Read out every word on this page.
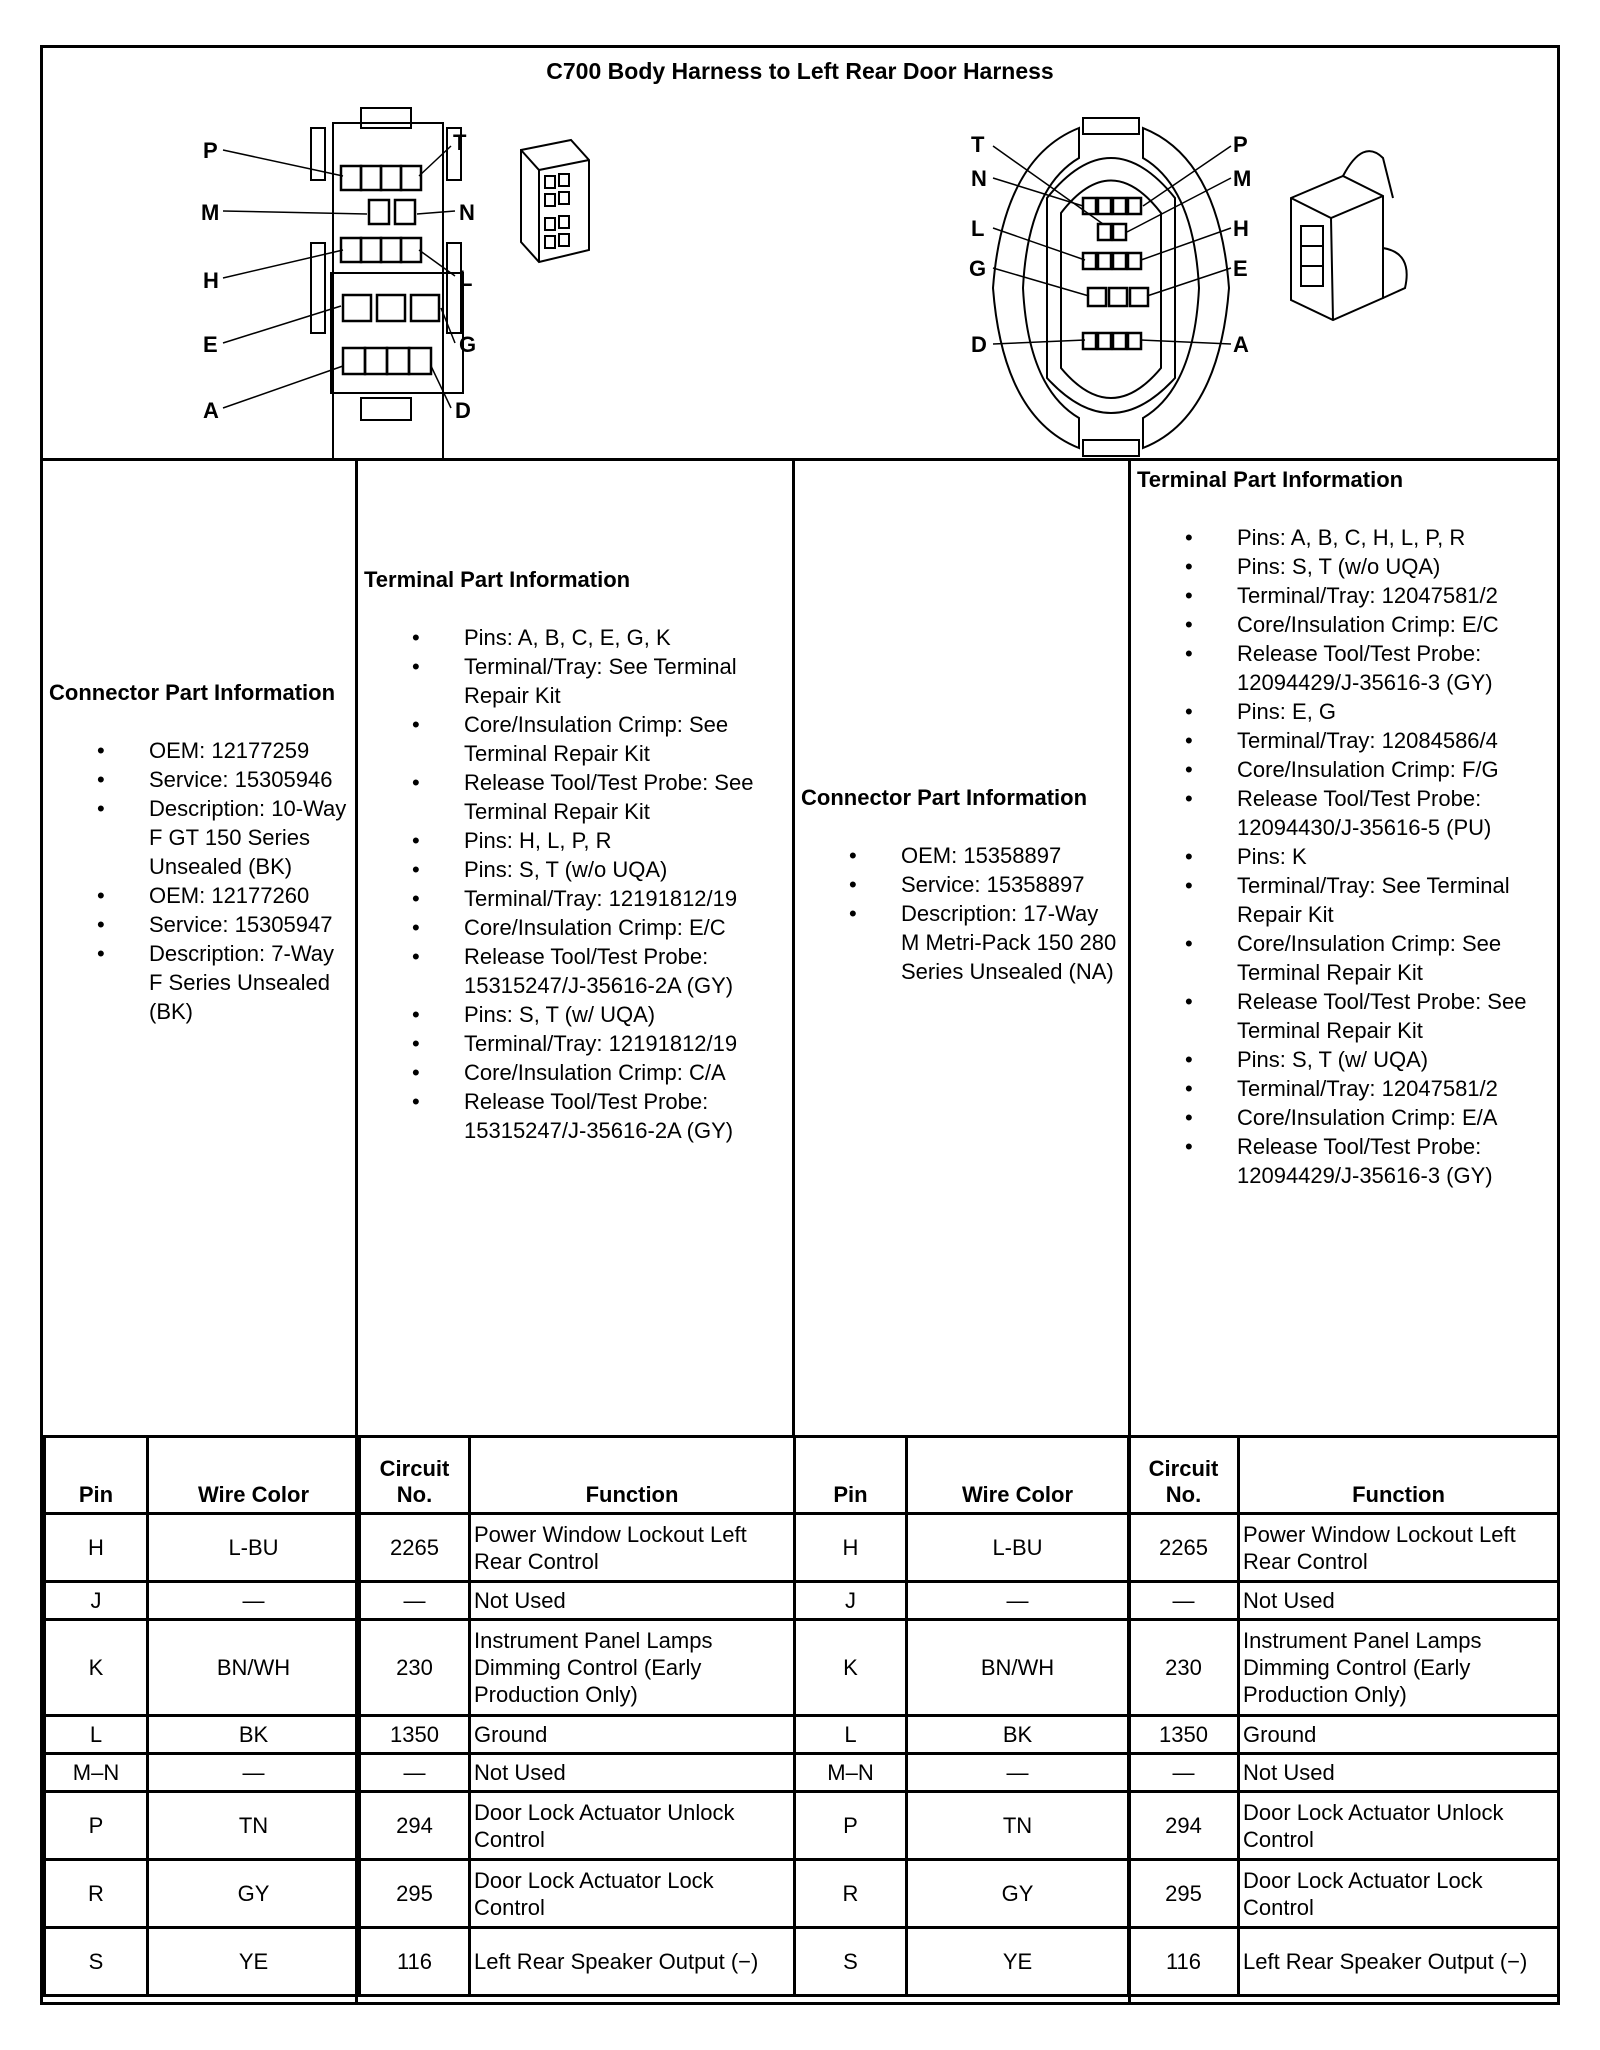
C700 Body Harness to Left Rear Door Harness
P	T
M	N
H	L
E	G
A	D
T	P
N	M
L	H
G	E
D	A

Connector Part Information

• OEM: 12177259
• Service: 15305946
• Description: 10-Way F GT 150 Series Unsealed (BK)
• OEM: 12177260
• Service: 15305947
• Description: 7-Way F Series Unsealed (BK)

Terminal Part Information

• Pins: A, B, C, E, G, K
• Terminal/Tray: See Terminal Repair Kit
• Core/Insulation Crimp: See Terminal Repair Kit
• Release Tool/Test Probe: See Terminal Repair Kit
• Pins: H, L, P, R
• Pins: S, T (w/o UQA)
• Terminal/Tray: 12191812/19
• Core/Insulation Crimp: E/C
• Release Tool/Test Probe: 15315247/J-35616-2A (GY)
• Pins: S, T (w/ UQA)
• Terminal/Tray: 12191812/19
• Core/Insulation Crimp: C/A
• Release Tool/Test Probe: 15315247/J-35616-2A (GY)

Connector Part Information

• OEM: 15358897
• Service: 15358897
• Description: 17-Way M Metri-Pack 150 280 Series Unsealed (NA)

Terminal Part Information

• Pins: A, B, C, H, L, P, R
• Pins: S, T (w/o UQA)
• Terminal/Tray: 12047581/2
• Core/Insulation Crimp: E/C
• Release Tool/Test Probe: 12094429/J-35616-3 (GY)
• Pins: E, G
• Terminal/Tray: 12084586/4
• Core/Insulation Crimp: F/G
• Release Tool/Test Probe: 12094430/J-35616-5 (PU)
• Pins: K
• Terminal/Tray: See Terminal Repair Kit
• Core/Insulation Crimp: See Terminal Repair Kit
• Release Tool/Test Probe: See Terminal Repair Kit
• Pins: S, T (w/ UQA)
• Terminal/Tray: 12047581/2
• Core/Insulation Crimp: E/A
• Release Tool/Test Probe: 12094429/J-35616-3 (GY)
Pin	Wire Color	Circuit No.	Function	Pin	Wire Color	Circuit No.	Function
H	L-BU	2265	Power Window Lockout Left Rear Control	H	L-BU	2265	Power Window Lockout Left Rear Control
J	—	—	Not Used	J	—	—	Not Used
K	BN/WH	230	Instrument Panel Lamps Dimming Control (Early Production Only)	K	BN/WH	230	Instrument Panel Lamps Dimming Control (Early Production Only)
L	BK	1350	Ground	L	BK	1350	Ground
M–N	—	—	Not Used	M–N	—	—	Not Used
P	TN	294	Door Lock Actuator Unlock Control	P	TN	294	Door Lock Actuator Unlock Control
R	GY	295	Door Lock Actuator Lock Control	R	GY	295	Door Lock Actuator Lock Control
S	YE	116	Left Rear Speaker Output (−)	S	YE	116	Left Rear Speaker Output (−)
